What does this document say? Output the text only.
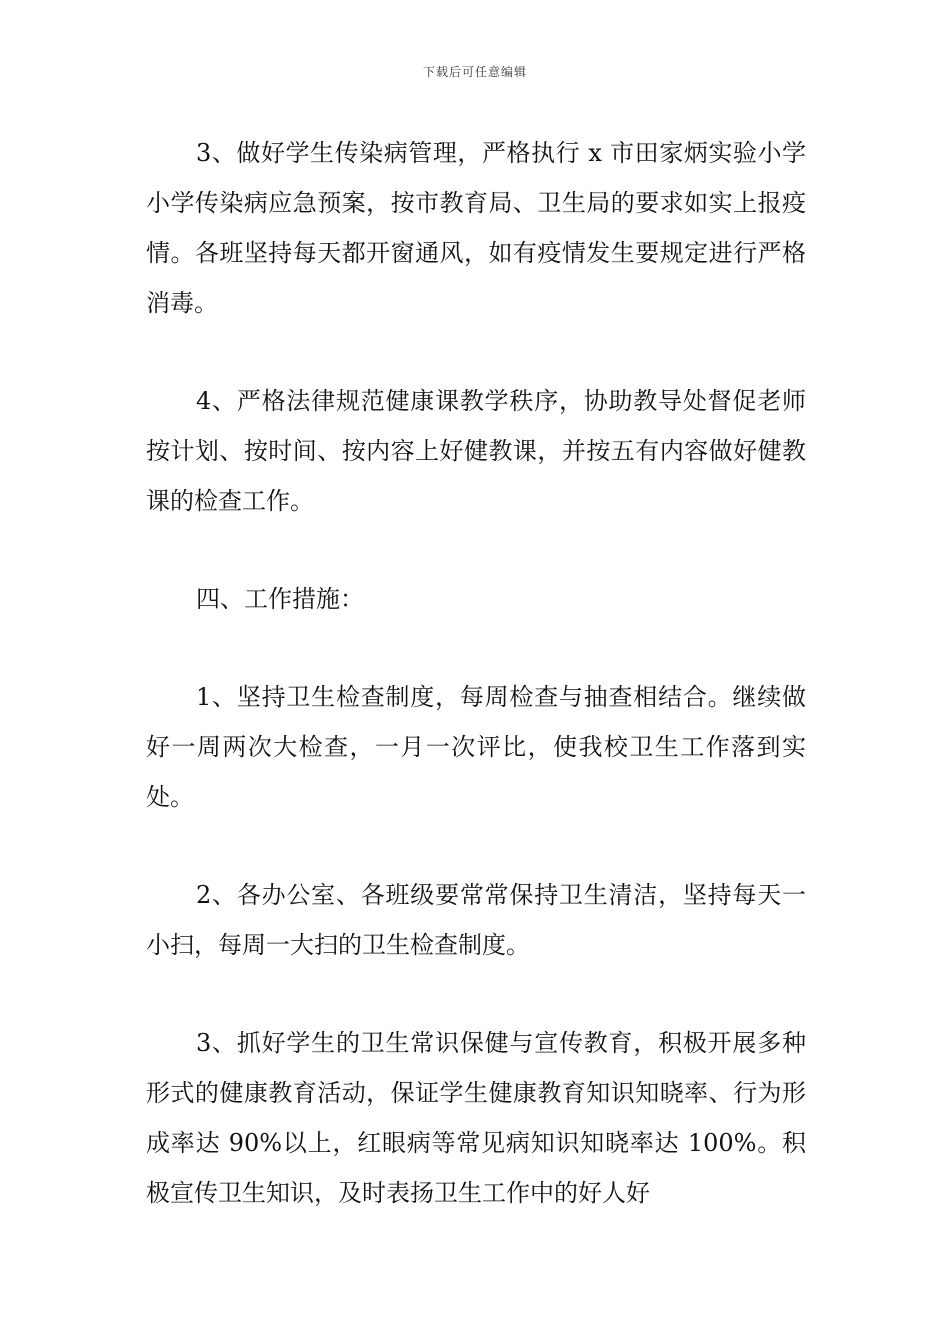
下载后可任意编辑

3、做好学生传染病管理，严格执行 x 市田家炳实验小学小学传染病应急预案，按市教育局、卫生局的要求如实上报疫情。各班坚持每天都开窗通风，如有疫情发生要规定进行严格消毒。

4、严格法律规范健康课教学秩序，协助教导处督促老师按计划、按时间、按内容上好健教课，并按五有内容做好健教课的检查工作。

四、工作措施：

1、坚持卫生检查制度，每周检查与抽查相结合。继续做好一周两次大检查，一月一次评比，使我校卫生工作落到实处。

2、各办公室、各班级要常常保持卫生清洁，坚持每天一小扫，每周一大扫的卫生检查制度。

3、抓好学生的卫生常识保健与宣传教育，积极开展多种形式的健康教育活动，保证学生健康教育知识知晓率、行为形成率达 90%以上，红眼病等常见病知识知晓率达 100%。积极宣传卫生知识，及时表扬卫生工作中的好人好
